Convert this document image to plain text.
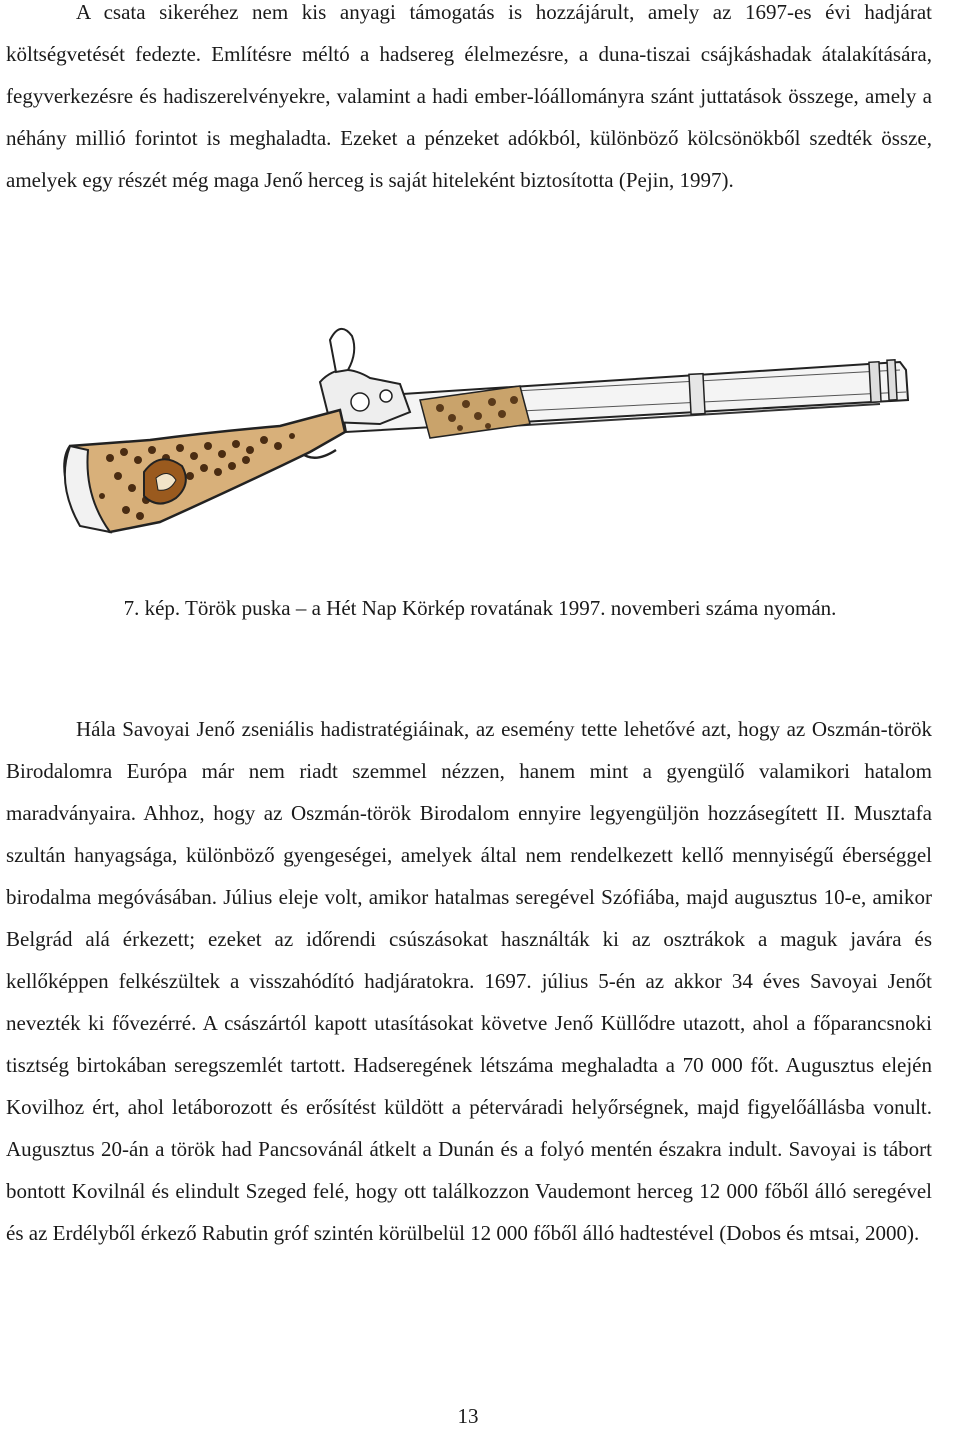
A csata sikeréhez nem kis anyagi támogatás is hozzájárult, amely az 1697-es évi hadjárat költségvetését fedezte. Említésre méltó a hadsereg élelmezésre, a duna-tiszai csájkáshadak átalakítására, fegyverkezésre és hadiszerelvényekre, valamint a hadi ember-lóállományra szánt juttatások összege, amely a néhány millió forintot is meghaladta. Ezeket a pénzeket adókból, különböző kölcsönökből szedték össze, amelyek egy részét még maga Jenő herceg is saját hiteleként biztosította (Pejin, 1997).

7. kép. Török puska – a Hét Nap Körkép rovatának 1997. novemberi száma nyomán.

Hála Savoyai Jenő zseniális hadistratégiáinak, az esemény tette lehetővé azt, hogy az Oszmán-török Birodalomra Európa már nem riadt szemmel nézzen, hanem mint a gyengülő valamikori hatalom maradványaira. Ahhoz, hogy az Oszmán-török Birodalom ennyire legyengüljön hozzásegített II. Musztafa szultán hanyagsága, különböző gyengeségei, amelyek által nem rendelkezett kellő mennyiségű éberséggel birodalma megóvásában. Július eleje volt, amikor hatalmas seregével Szófiába, majd augusztus 10-e, amikor Belgrád alá érkezett; ezeket az időrendi csúszásokat használták ki az osztrákok a maguk javára és kellőképpen felkészültek a visszahódító hadjáratokra. 1697. július 5-én az akkor 34 éves Savoyai Jenőt nevezték ki fővezérré. A császártól kapott utasításokat követve Jenő Küllődre utazott, ahol a főparancsnoki tisztség birtokában seregszemlét tartott. Hadseregének létszáma meghaladta a 70 000 főt. Augusztus elején Kovilhoz ért, ahol letáborozott és erősítést küldött a péterváradi helyőrségnek, majd figyelőállásba vonult. Augusztus 20-án a török had Pancsovánál átkelt a Dunán és a folyó mentén északra indult. Savoyai is tábort bontott Kovilnál és elindult Szeged felé, hogy ott találkozzon Vaudemont herceg 12 000 főből álló seregével és az Erdélyből érkező Rabutin gróf szintén körülbelül 12 000 főből álló hadtestével (Dobos és mtsai, 2000).

13
